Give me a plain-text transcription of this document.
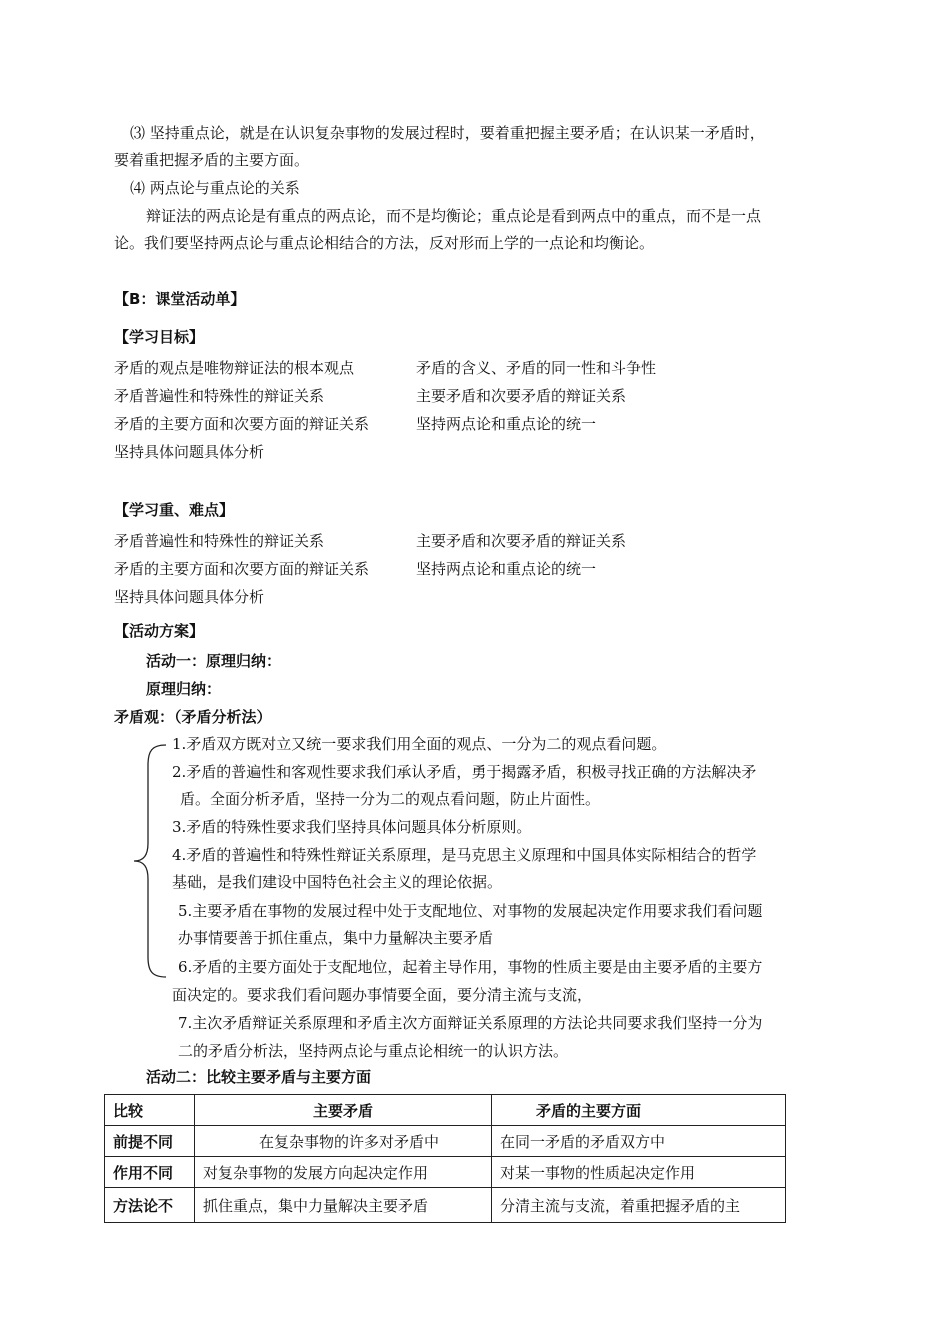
⑶ 坚持重点论，就是在认识复杂事物的发展过程时，要着重把握主要矛盾；在认识某一矛盾时，
要着重把握矛盾的主要方面。
⑷ 两点论与重点论的关系
辩证法的两点论是有重点的两点论，而不是均衡论；重点论是看到两点中的重点，而不是一点
论。我们要坚持两点论与重点论相结合的方法，反对形而上学的一点论和均衡论。
【B：课堂活动单】
【学习目标】
矛盾的观点是唯物辩证法的根本观点	矛盾的含义、矛盾的同一性和斗争性
矛盾普遍性和特殊性的辩证关系	主要矛盾和次要矛盾的辩证关系
矛盾的主要方面和次要方面的辩证关系	坚持两点论和重点论的统一
坚持具体问题具体分析
【学习重、难点】
矛盾普遍性和特殊性的辩证关系	主要矛盾和次要矛盾的辩证关系
矛盾的主要方面和次要方面的辩证关系	坚持两点论和重点论的统一
坚持具体问题具体分析
【活动方案】
活动一：原理归纳：
原理归纳：
矛盾观：（矛盾分析法）
1.矛盾双方既对立又统一要求我们用全面的观点、一分为二的观点看问题。
2.矛盾的普遍性和客观性要求我们承认矛盾，勇于揭露矛盾，积极寻找正确的方法解决矛
盾。全面分析矛盾，坚持一分为二的观点看问题，防止片面性。
3.矛盾的特殊性要求我们坚持具体问题具体分析原则。
4.矛盾的普遍性和特殊性辩证关系原理，是马克思主义原理和中国具体实际相结合的哲学
基础，是我们建设中国特色社会主义的理论依据。
5.主要矛盾在事物的发展过程中处于支配地位、对事物的发展起决定作用要求我们看问题
办事情要善于抓住重点，集中力量解决主要矛盾
6.矛盾的主要方面处于支配地位，起着主导作用，事物的性质主要是由主要矛盾的主要方
面决定的。要求我们看问题办事情要全面，要分清主流与支流，
7.主次矛盾辩证关系原理和矛盾主次方面辩证关系原理的方法论共同要求我们坚持一分为
二的矛盾分析法，坚持两点论与重点论相统一的认识方法。
活动二：比较主要矛盾与主要方面
比较	主要矛盾	矛盾的主要方面
前提不同	在复杂事物的许多对矛盾中	在同一矛盾的矛盾双方中
作用不同	对复杂事物的发展方向起决定作用	对某一事物的性质起决定作用
方法论不	抓住重点，集中力量解决主要矛盾	分清主流与支流，着重把握矛盾的主
